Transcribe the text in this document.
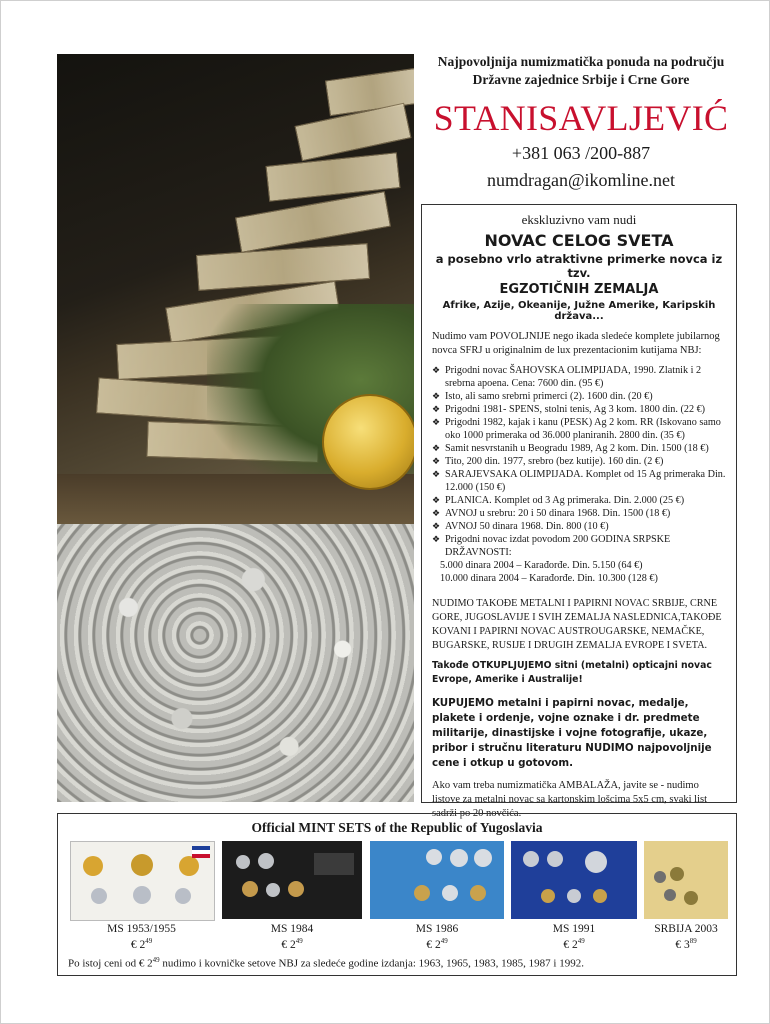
Najpovoljnija numizmatička ponuda na području
Državne zajednice Srbije i Crne Gore
STANISAVLJEVIĆ
+381 063 /200-887
numdragan@ikomline.net
ekskluzivno vam nudi
NOVAC CELOG SVETA
a posebno vrlo atraktivne primerke novca iz tzv.
EGZOTIČNIH ZEMALJA
Afrike, Azije, Okeanije, Južne Amerike, Karipskih država...
Nudimo vam POVOLJNIJE nego ikada sledeće komplete jubilarnog novca SFRJ u originalnim de lux prezentacionim kutijama NBJ:
❖ Prigodni novac ŠAHOVSKA OLIMPIJADA, 1990. Zlatnik i 2 srebrna apoena. Cena: 7600 din. (95 €)
❖ Isto, ali samo srebrni primerci (2). 1600 din. (20 €)
❖ Prigodni 1981- SPENS, stolni tenis, Ag 3 kom. 1800 din. (22 €)
❖ Prigodni 1982, kajak i kanu (PESK) Ag 2 kom. RR (Iskovano samo oko 1000 primeraka od 36.000 planiranih. 2800 din. (35 €)
❖ Samit nesvrstanih u Beogradu 1989, Ag 2 kom. Din. 1500 (18 €)
❖ Tito, 200 din. 1977, srebro (bez kutije). 160 din. (2 €)
❖ SARAJEVSAKA OLIMPIJADA. Komplet od 15 Ag primeraka Din. 12.000 (150 €)
❖ PLANICA. Komplet od 3 Ag primeraka. Din. 2.000 (25 €)
❖ AVNOJ u srebru: 20 i 50 dinara 1968. Din. 1500 (18 €)
❖ AVNOJ 50 dinara 1968. Din. 800 (10 €)
❖ Prigodni novac izdat povodom 200 GODINA SRPSKE DRŽAVNOSTI:
5.000 dinara 2004 – Karađorđe. Din. 5.150 (64 €)
10.000 dinara 2004 – Karađorđe. Din. 10.300 (128 €)
NUDIMO TAKOĐE METALNI I PAPIRNI NOVAC SRBIJE, CRNE GORE, JUGOSLAVIJE I SVIH ZEMALJA NASLEDNICA,TAKOĐE KOVANI I PAPIRNI NOVAC AUSTROUGARSKE, NEMAČKE, BUGARSKE, RUSIJE I DRUGIH ZEMALJA EVROPE I SVETA.
Takođe OTKUPLJUJEMO sitni (metalni) opticajni novac Evrope, Amerike i Australije!
KUPUJEMO metalni i papirni novac, medalje, plakete i ordenje, vojne oznake i dr. predmete militarije, dinastijske i vojne fotografije, ukaze, pribor i stručnu literaturu NUDIMO najpovoljnije cene i otkup u gotovom.
Ako vam treba numizmatička AMBALAŽA, javite se - nudimo listove za metalni novac sa kartonskim lošcima 5x5 cm, svaki list sadrži po 20 novčića.
Official MINT SETS of the Republic of Yugoslavia
MS 1953/1955
€ $2^{49}$
MS 1984
€ $2^{49}$
MS 1986
€ $2^{49}$
MS 1991
€ $2^{49}$
SRBIJA 2003
€ $3^{89}$
Po istoj ceni od € $2^{49}$ nudimo i kovničke setove NBJ za sledeće godine izdanja: 1963, 1965, 1983, 1985, 1987 i 1992.
